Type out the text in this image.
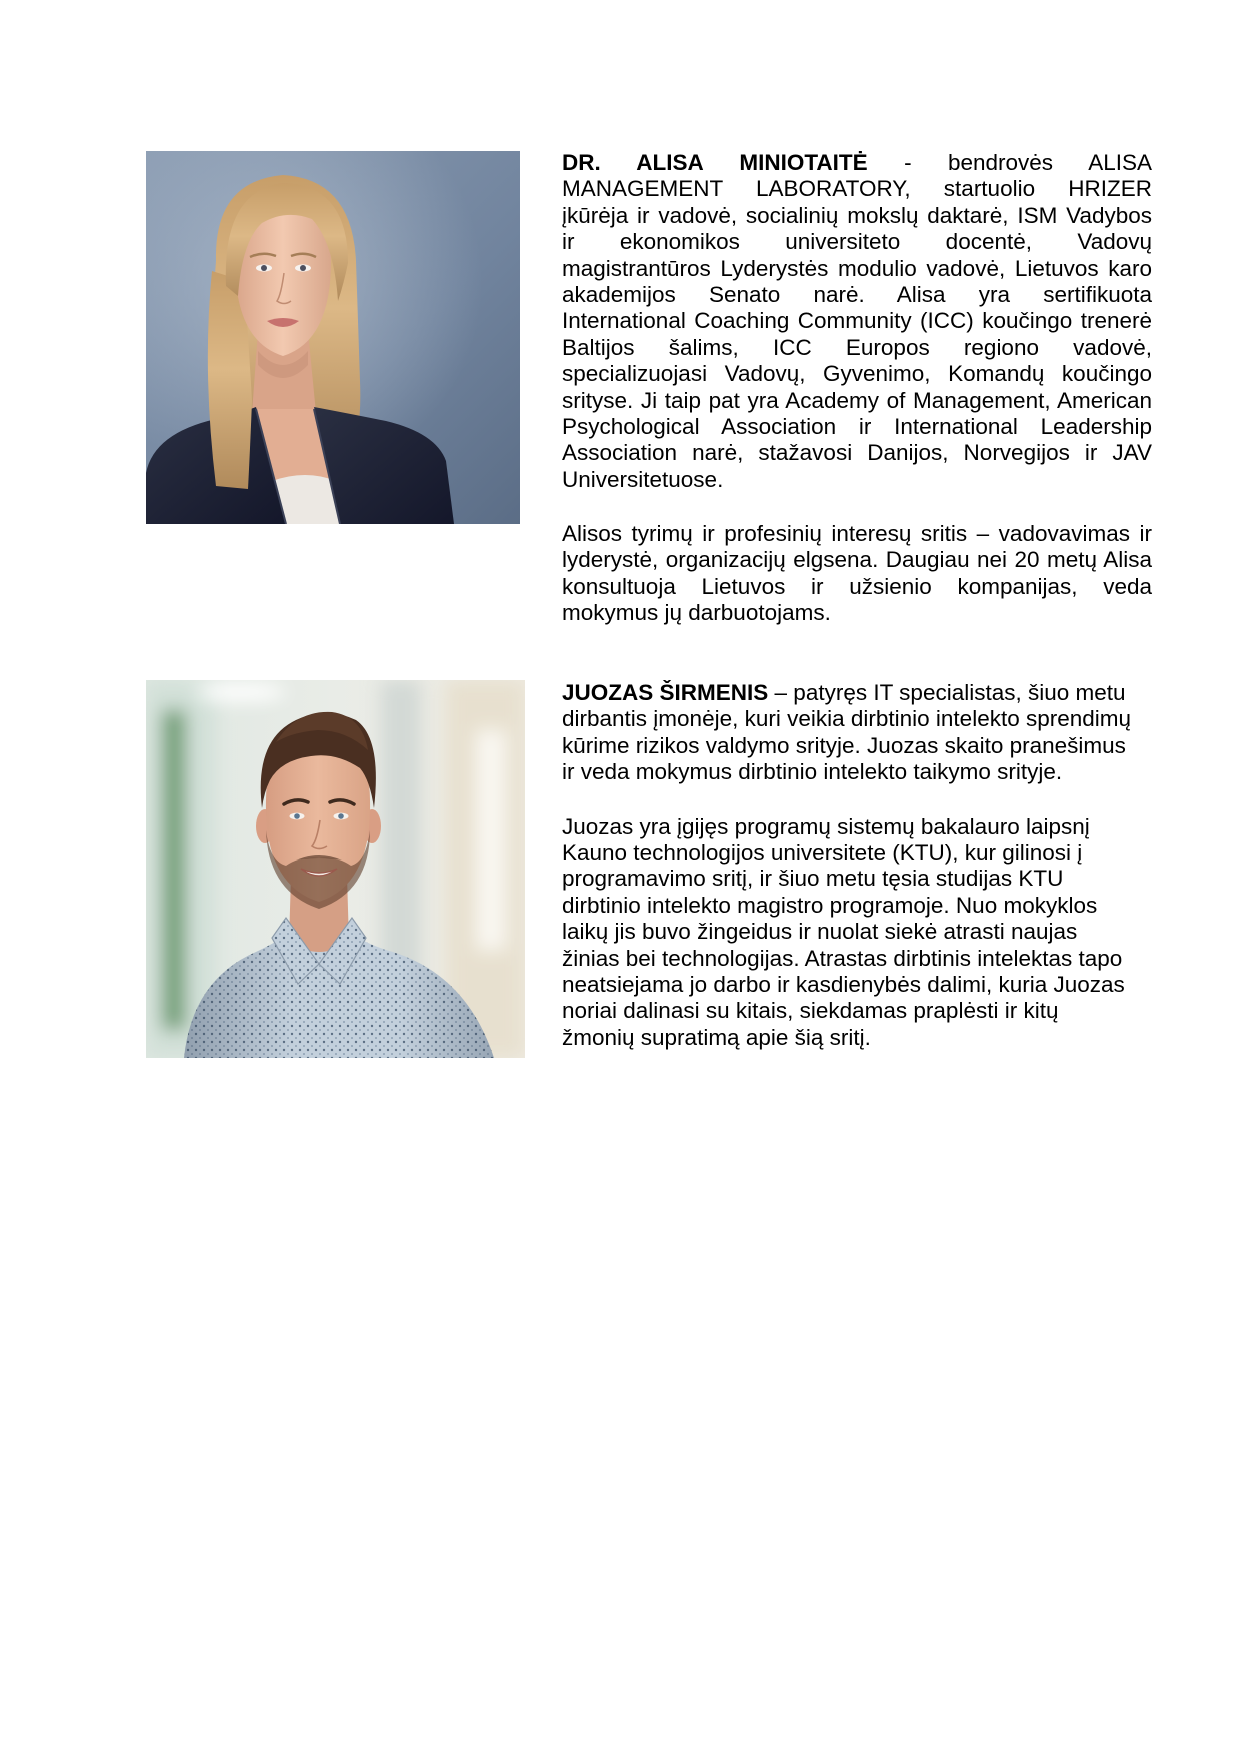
DR. ALISA MINIOTAITĖ - bendrovės ALISA
MANAGEMENT LABORATORY, startuolio HRIZER
įkūrėja ir vadovė, socialinių mokslų daktarė, ISM Vadybos
ir ekonomikos universiteto docentė, Vadovų
magistrantūros Lyderystės modulio vadovė, Lietuvos karo
akademijos Senato narė. Alisa yra sertifikuota
International Coaching Community (ICC) koučingo trenerė
Baltijos šalims, ICC Europos regiono vadovė,
specializuojasi Vadovų, Gyvenimo, Komandų koučingo
srityse. Ji taip pat yra Academy of Management, American
Psychological Association ir International Leadership
Association narė, stažavosi Danijos, Norvegijos ir JAV
Universitetuose.
Alisos tyrimų ir profesinių interesų sritis – vadovavimas ir
lyderystė, organizacijų elgsena. Daugiau nei 20 metų Alisa
konsultuoja Lietuvos ir užsienio kompanijas, veda
mokymus jų darbuotojams.
JUOZAS ŠIRMENIS – patyręs IT specialistas, šiuo metu
dirbantis įmonėje, kuri veikia dirbtinio intelekto sprendimų
kūrime rizikos valdymo srityje. Juozas skaito pranešimus
ir veda mokymus dirbtinio intelekto taikymo srityje.
Juozas yra įgijęs programų sistemų bakalauro laipsnį
Kauno technologijos universitete (KTU), kur gilinosi į
programavimo sritį, ir šiuo metu tęsia studijas KTU
dirbtinio intelekto magistro programoje. Nuo mokyklos
laikų jis buvo žingeidus ir nuolat siekė atrasti naujas
žinias bei technologijas. Atrastas dirbtinis intelektas tapo
neatsiejama jo darbo ir kasdienybės dalimi, kuria Juozas
noriai dalinasi su kitais, siekdamas praplėsti ir kitų
žmonių supratimą apie šią sritį.
